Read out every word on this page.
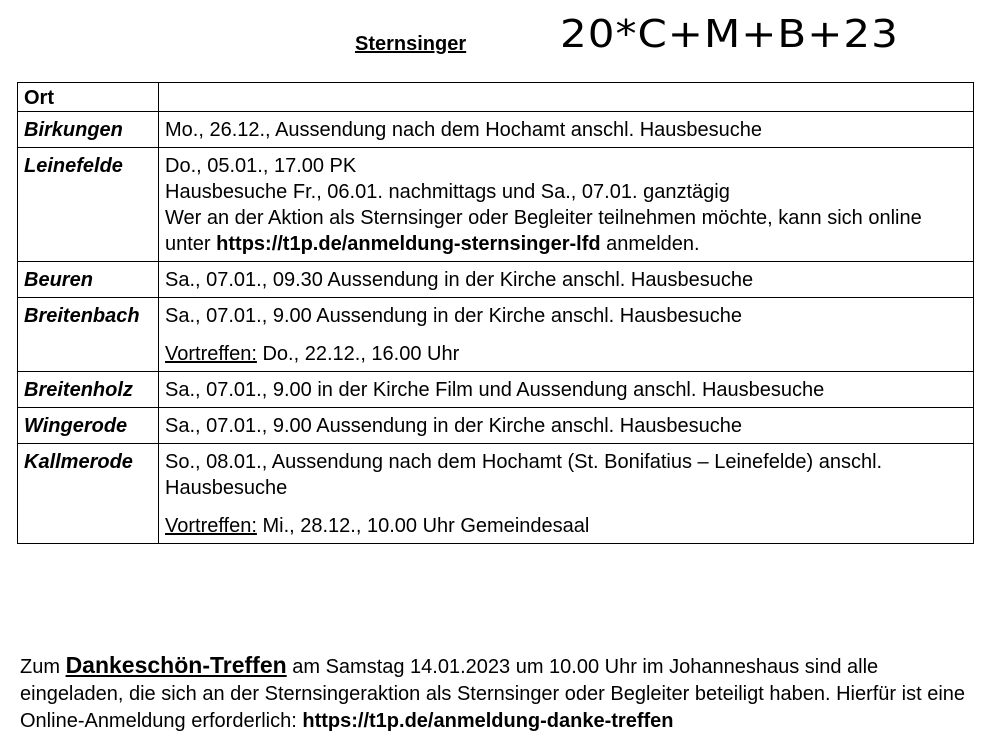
Sternsinger 20*C+M+B+23
Ort	
Birkungen	Mo., 26.12., Aussendung nach dem Hochamt anschl. Hausbesuche

Leinefelde	Do., 05.01., 17.00 PK
Hausbesuche Fr., 06.01. nachmittags und Sa., 07.01. ganztägig
Wer an der Aktion als Sternsinger oder Begleiter teilnehmen möchte, kann sich online
unter https://t1p.de/anmeldung-sternsinger-lfd anmelden.

Beuren	Sa., 07.01., 09.30 Aussendung in der Kirche anschl. Hausbesuche

Breitenbach	Sa., 07.01., 9.00 Aussendung in der Kirche anschl. Hausbesuche
Vortreffen: Do., 22.12., 16.00 Uhr

Breitenholz	Sa., 07.01., 9.00 in der Kirche Film und Aussendung anschl. Hausbesuche

Wingerode	Sa., 07.01., 9.00 Aussendung in der Kirche anschl. Hausbesuche

Kallmerode	So., 08.01., Aussendung nach dem Hochamt (St. Bonifatius – Leinefelde) anschl. Hausbesuche
Vortreffen: Mi., 28.12., 10.00 Uhr Gemeindesaal
Zum Dankeschön-Treffen am Samstag 14.01.2023 um 10.00 Uhr im Johanneshaus sind alle eingeladen, die sich an der Sternsingeraktion als Sternsinger oder Begleiter beteiligt haben. Hierfür ist eine Online-Anmeldung erforderlich: https://t1p.de/anmeldung-danke-treffen
